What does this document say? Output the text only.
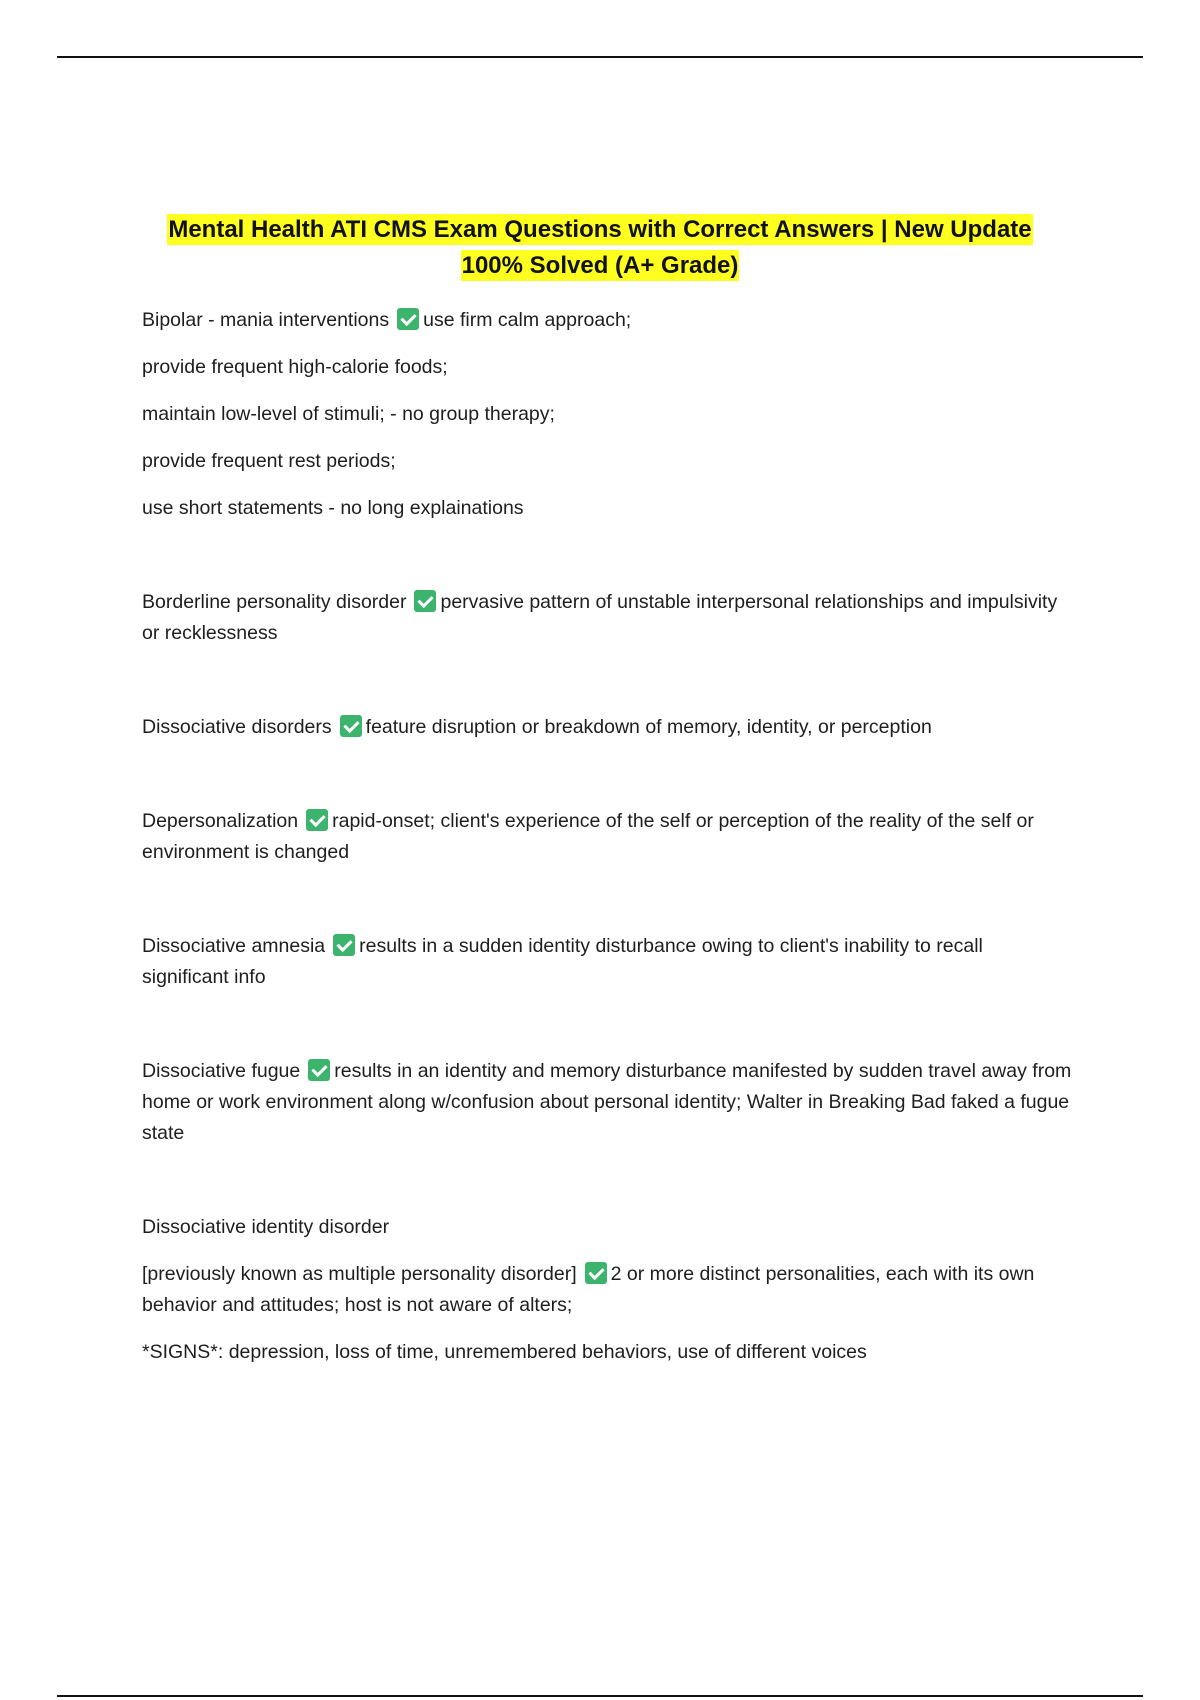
Mental Health ATI CMS Exam Questions with Correct Answers | New Update
100% Solved (A+ Grade)

Bipolar - mania interventions use firm calm approach;

provide frequent high-calorie foods;

maintain low-level of stimuli; - no group therapy;

provide frequent rest periods;

use short statements - no long explainations

Borderline personality disorder pervasive pattern of unstable interpersonal relationships and impulsivity or recklessness

Dissociative disorders feature disruption or breakdown of memory, identity, or perception

Depersonalization rapid-onset; client's experience of the self or perception of the reality of the self or environment is changed

Dissociative amnesia results in a sudden identity disturbance owing to client's inability to recall significant info

Dissociative fugue results in an identity and memory disturbance manifested by sudden travel away from home or work environment along w/confusion about personal identity; Walter in Breaking Bad faked a fugue state

Dissociative identity disorder

[previously known as multiple personality disorder] 2 or more distinct personalities, each with its own behavior and attitudes; host is not aware of alters;

*SIGNS*: depression, loss of time, unremembered behaviors, use of different voices
